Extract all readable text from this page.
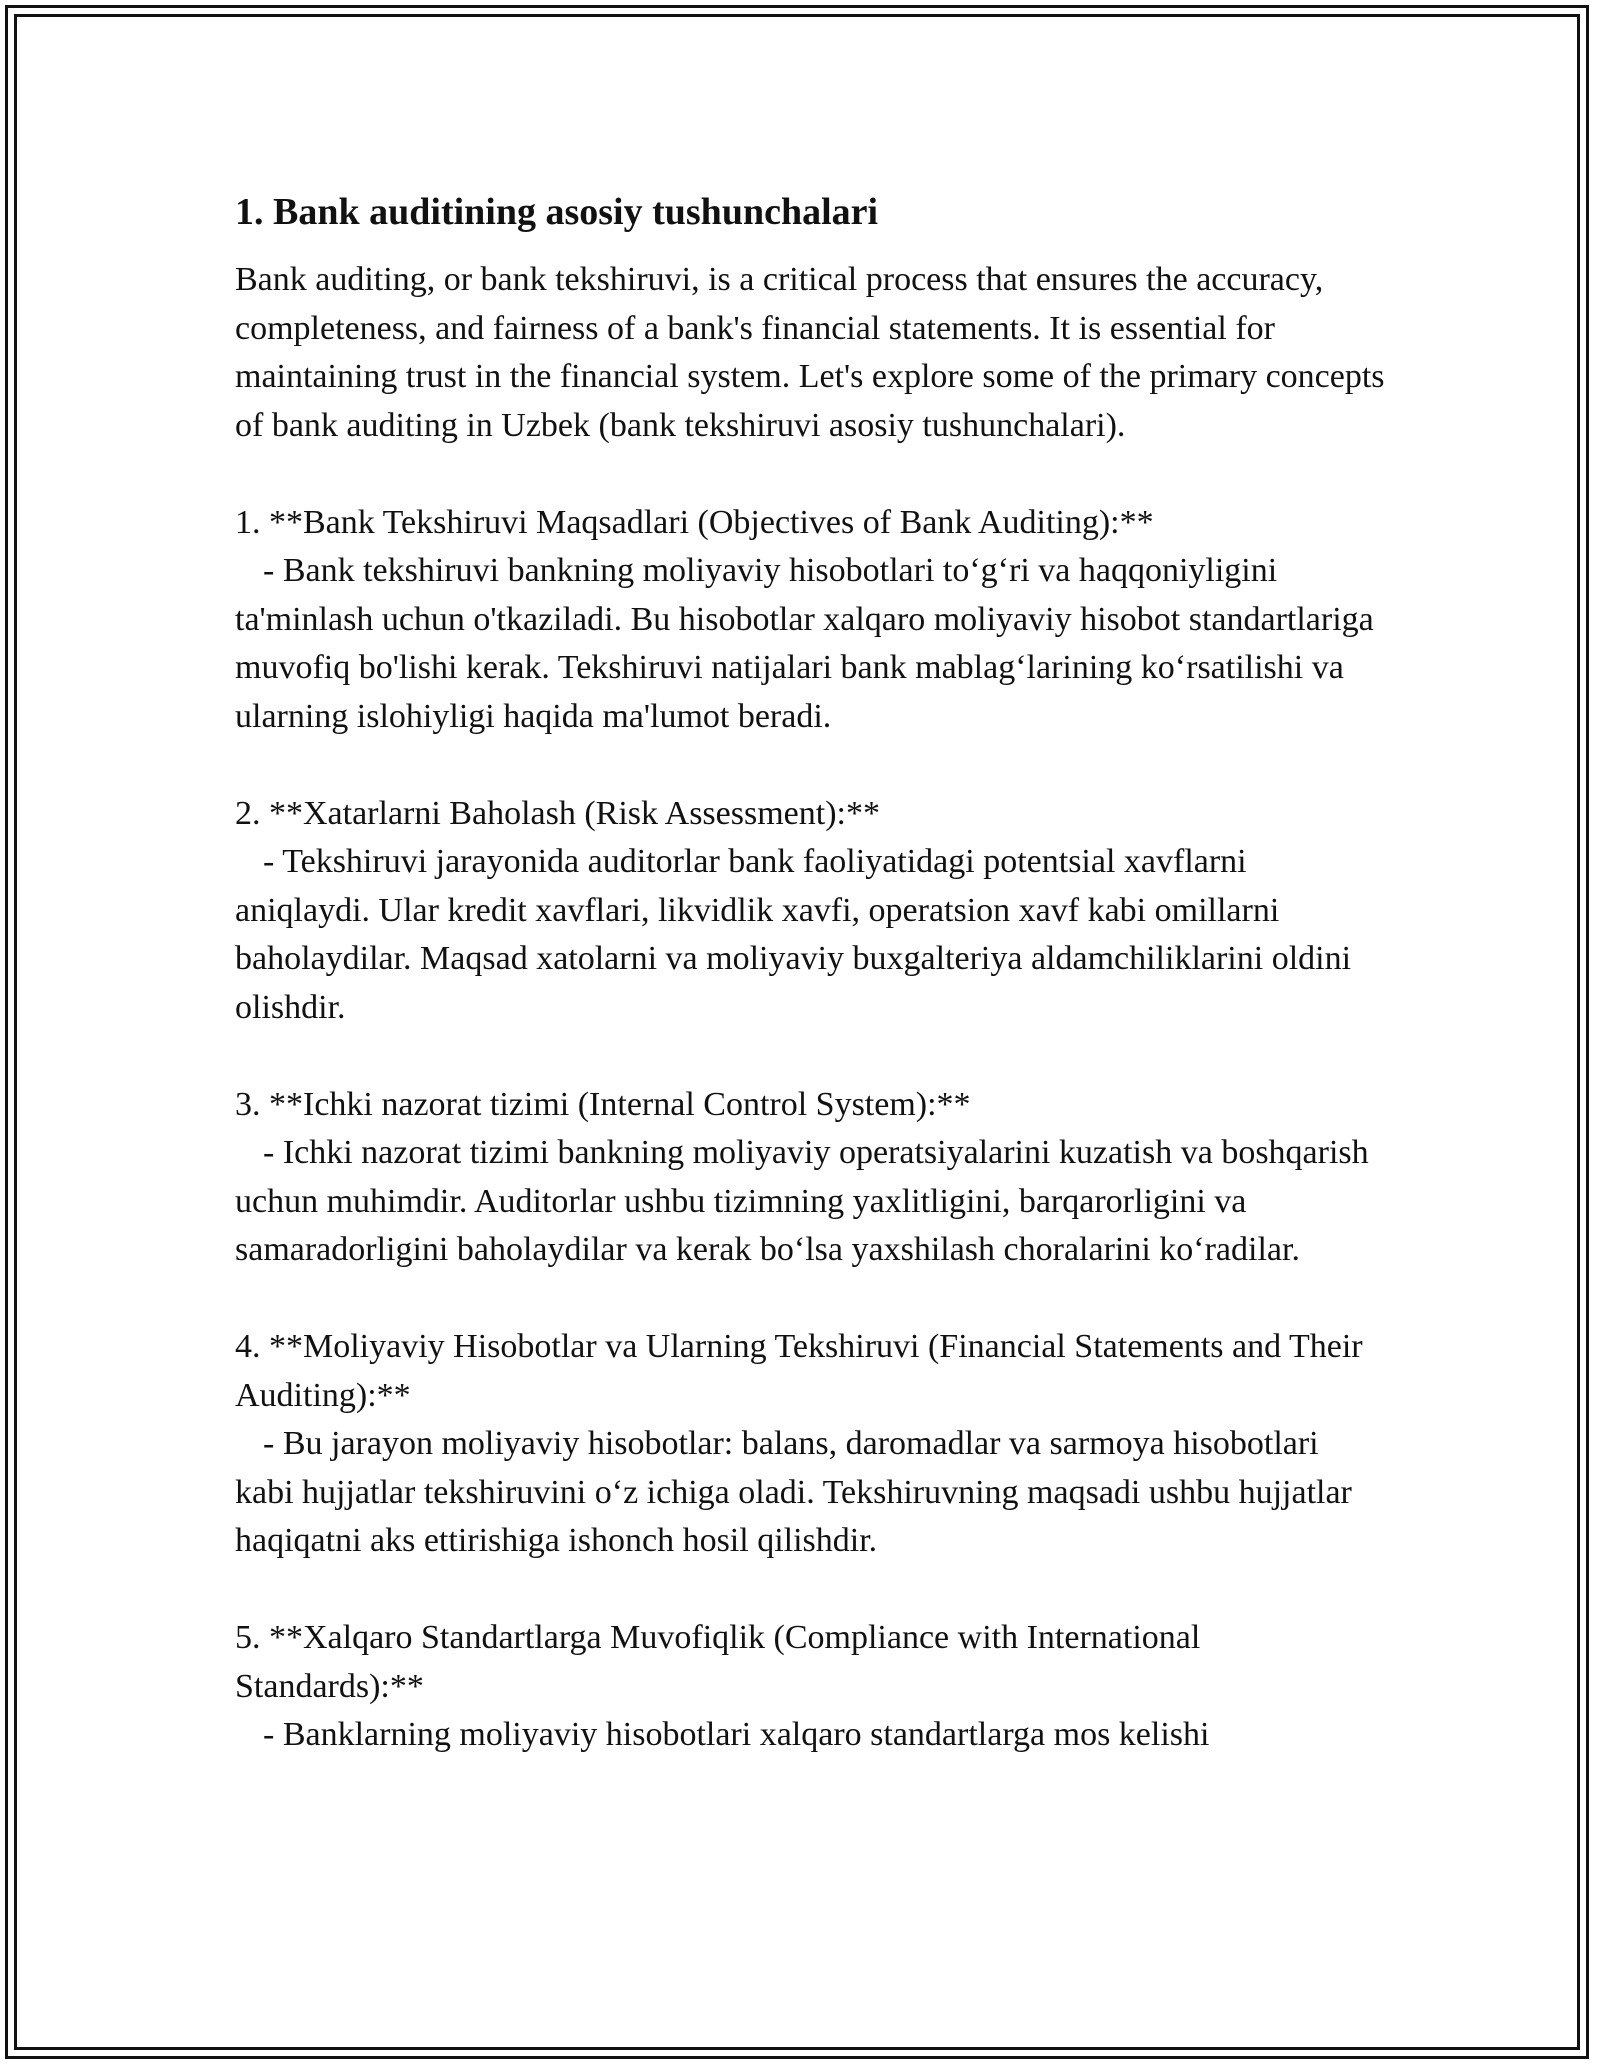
1. Bank auditining asosiy tushunchalari

Bank auditing, or bank tekshiruvi, is a critical process that ensures the accuracy, completeness, and fairness of a bank's financial statements. It is essential for maintaining trust in the financial system. Let's explore some of the primary concepts of bank auditing in Uzbek (bank tekshiruvi asosiy tushunchalari).

1. **Bank Tekshiruvi Maqsadlari (Objectives of Bank Auditing):**

- Bank tekshiruvi bankning moliyaviy hisobotlari to‘g‘ri va haqqoniyligini ta'minlash uchun o'tkaziladi. Bu hisobotlar xalqaro moliyaviy hisobot standartlariga muvofiq bo'lishi kerak. Tekshiruvi natijalari bank mablag‘larining ko‘rsatilishi va ularning islohiyligi haqida ma'lumot beradi.

2. **Xatarlarni Baholash (Risk Assessment):**

- Tekshiruvi jarayonida auditorlar bank faoliyatidagi potentsial xavflarni aniqlaydi. Ular kredit xavflari, likvidlik xavfi, operatsion xavf kabi omillarni baholaydilar. Maqsad xatolarni va moliyaviy buxgalteriya aldamchiliklarini oldini olishdir.

3. **Ichki nazorat tizimi (Internal Control System):**

- Ichki nazorat tizimi bankning moliyaviy operatsiyalarini kuzatish va boshqarish uchun muhimdir. Auditorlar ushbu tizimning yaxlitligini, barqarorligini va samaradorligini baholaydilar va kerak bo‘lsa yaxshilash choralarini ko‘radilar.

4. **Moliyaviy Hisobotlar va Ularning Tekshiruvi (Financial Statements and Their Auditing):**

- Bu jarayon moliyaviy hisobotlar: balans, daromadlar va sarmoya hisobotlari kabi hujjatlar tekshiruvini o‘z ichiga oladi. Tekshiruvning maqsadi ushbu hujjatlar haqiqatni aks ettirishiga ishonch hosil qilishdir.

5. **Xalqaro Standartlarga Muvofiqlik (Compliance with International Standards):**

- Banklarning moliyaviy hisobotlari xalqaro standartlarga mos kelishi
